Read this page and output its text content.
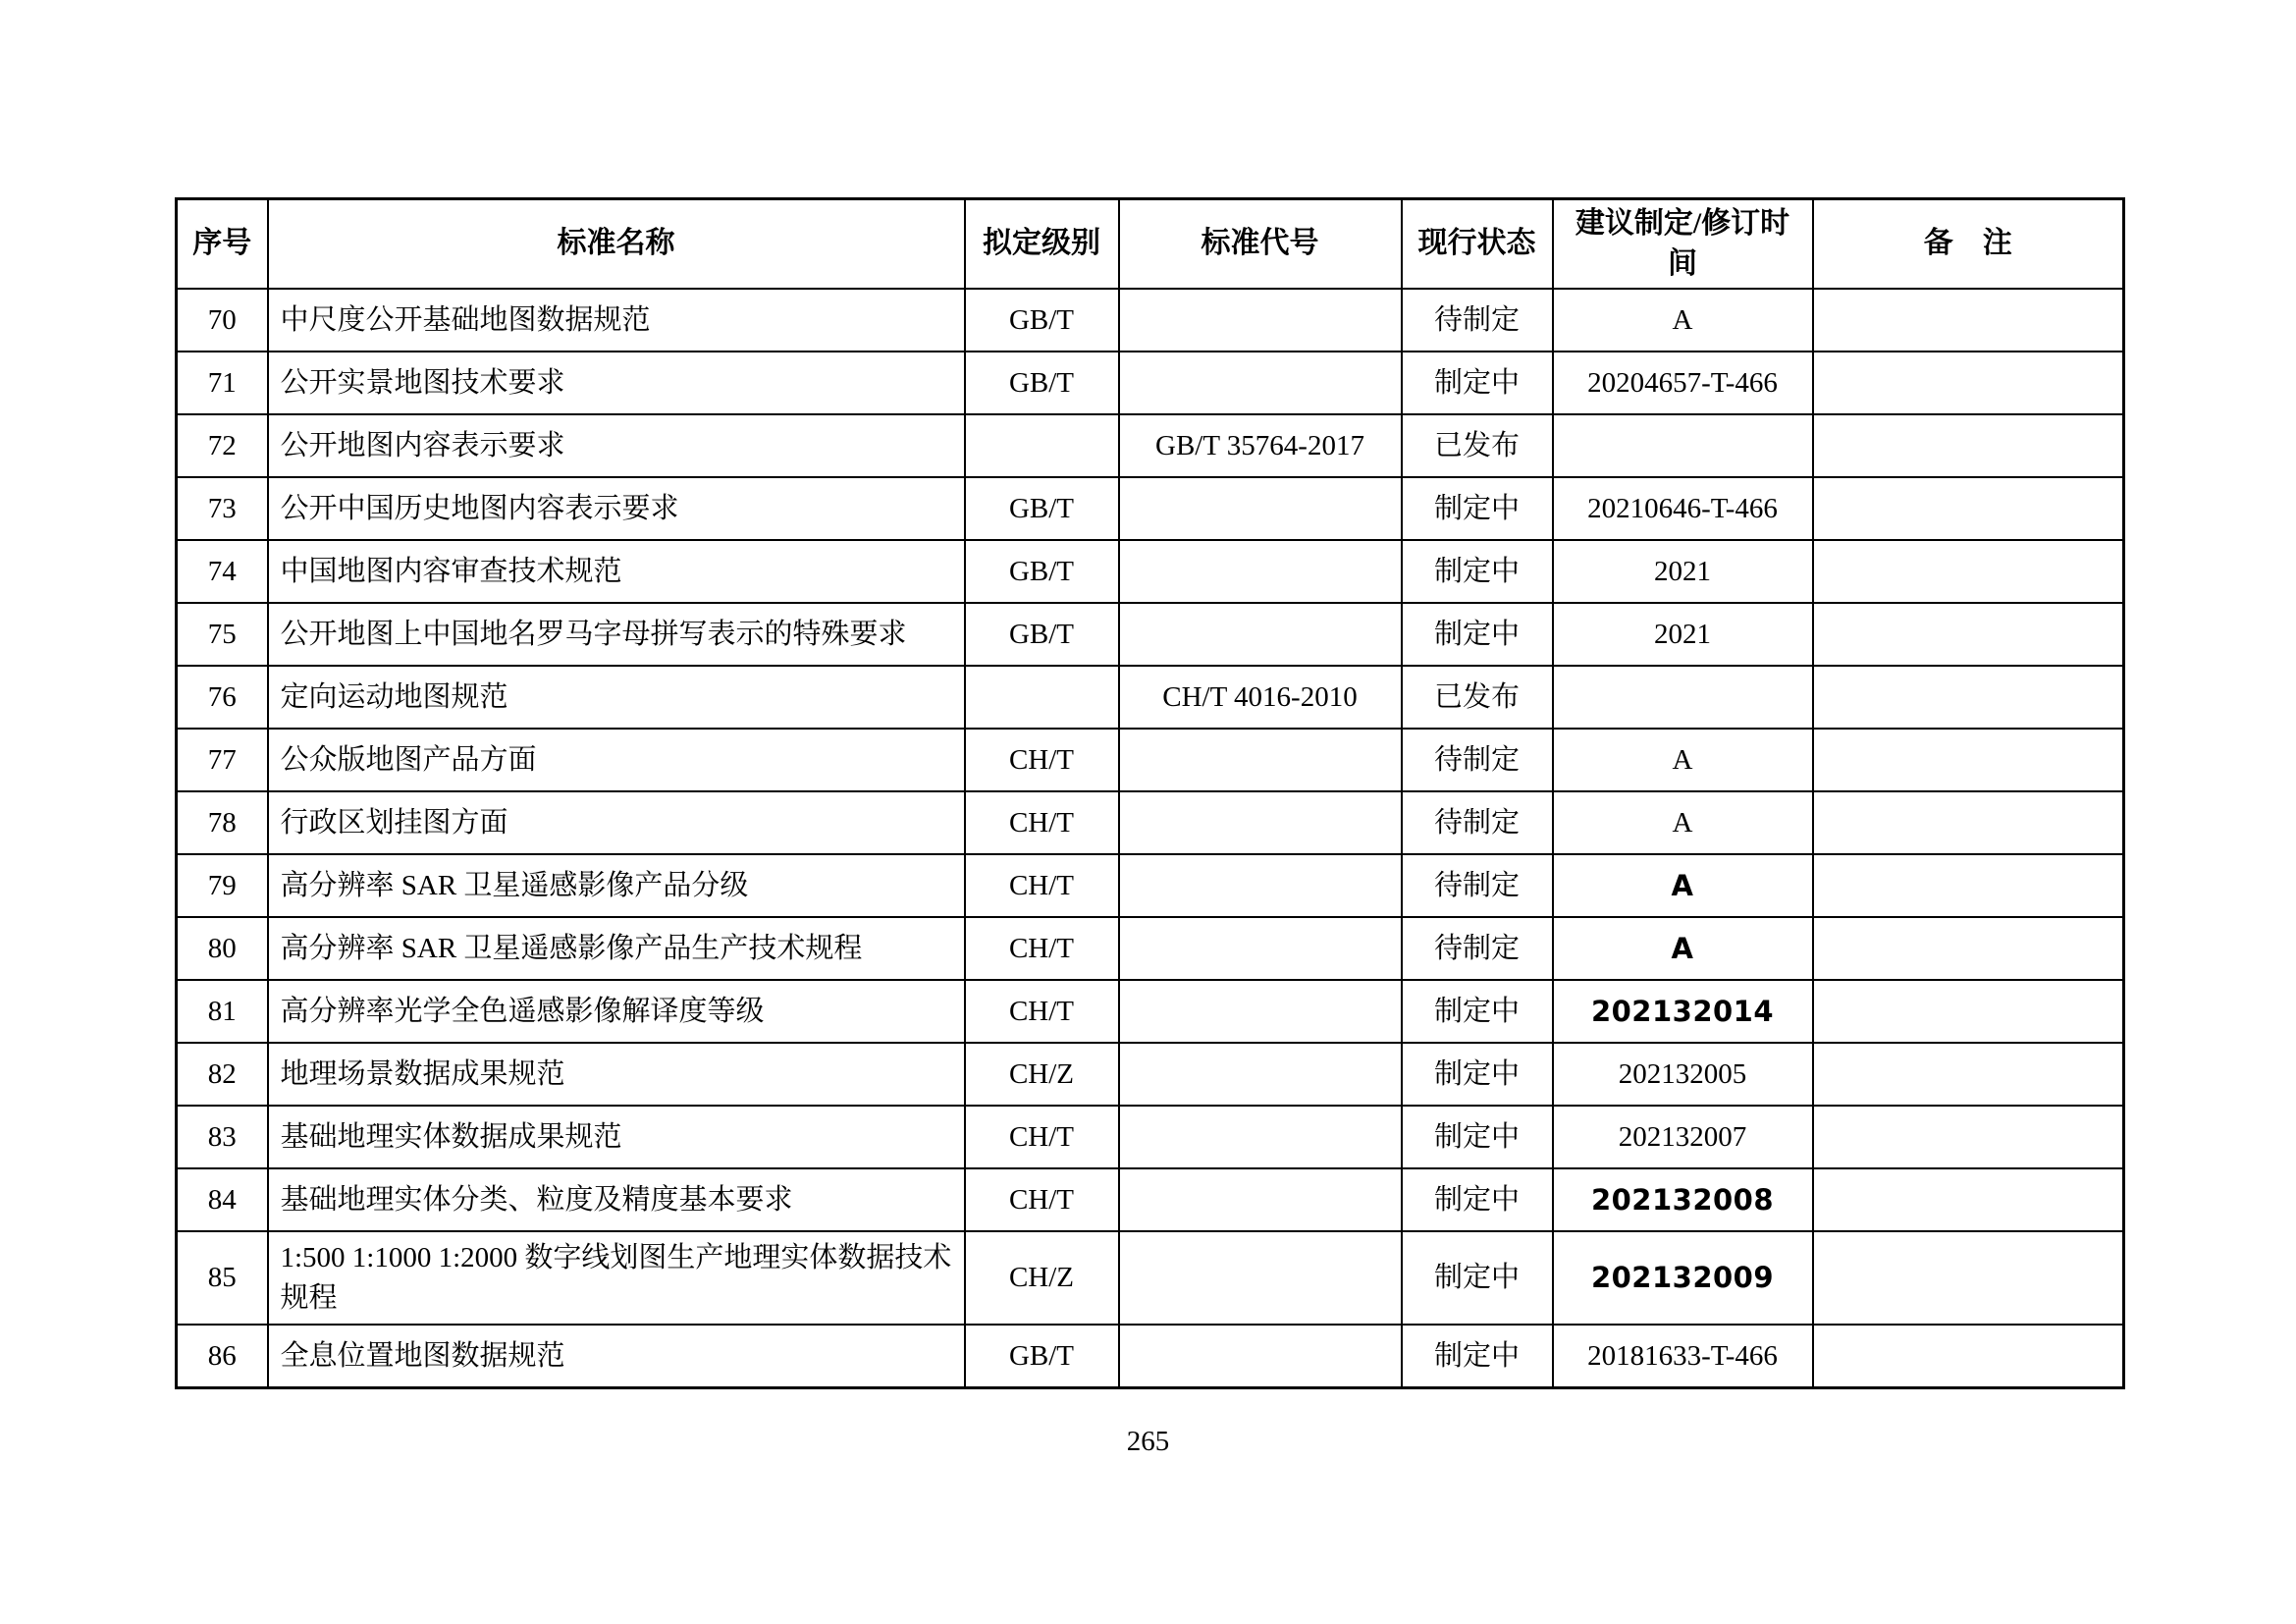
序号	标准名称	拟定级别	标准代号	现行状态	建议制定/修订时间	备　注
70	中尺度公开基础地图数据规范	GB/T		待制定	A	
71	公开实景地图技术要求	GB/T		制定中	20204657-T-466	
72	公开地图内容表示要求		GB/T 35764-2017	已发布		
73	公开中国历史地图内容表示要求	GB/T		制定中	20210646-T-466	
74	中国地图内容审查技术规范	GB/T		制定中	2021	
75	公开地图上中国地名罗马字母拼写表示的特殊要求	GB/T		制定中	2021	
76	定向运动地图规范		CH/T 4016-2010	已发布		
77	公众版地图产品方面	CH/T		待制定	A	
78	行政区划挂图方面	CH/T		待制定	A	
79	高分辨率 SAR 卫星遥感影像产品分级	CH/T		待制定	A	
80	高分辨率 SAR 卫星遥感影像产品生产技术规程	CH/T		待制定	A	
81	高分辨率光学全色遥感影像解译度等级	CH/T		制定中	202132014	
82	地理场景数据成果规范	CH/Z		制定中	202132005	
83	基础地理实体数据成果规范	CH/T		制定中	202132007	
84	基础地理实体分类、粒度及精度基本要求	CH/T		制定中	202132008	
85	1:500 1:1000 1:2000 数字线划图生产地理实体数据技术规程	CH/Z		制定中	202132009	
86	全息位置地图数据规范	GB/T		制定中	20181633-T-466	
265
